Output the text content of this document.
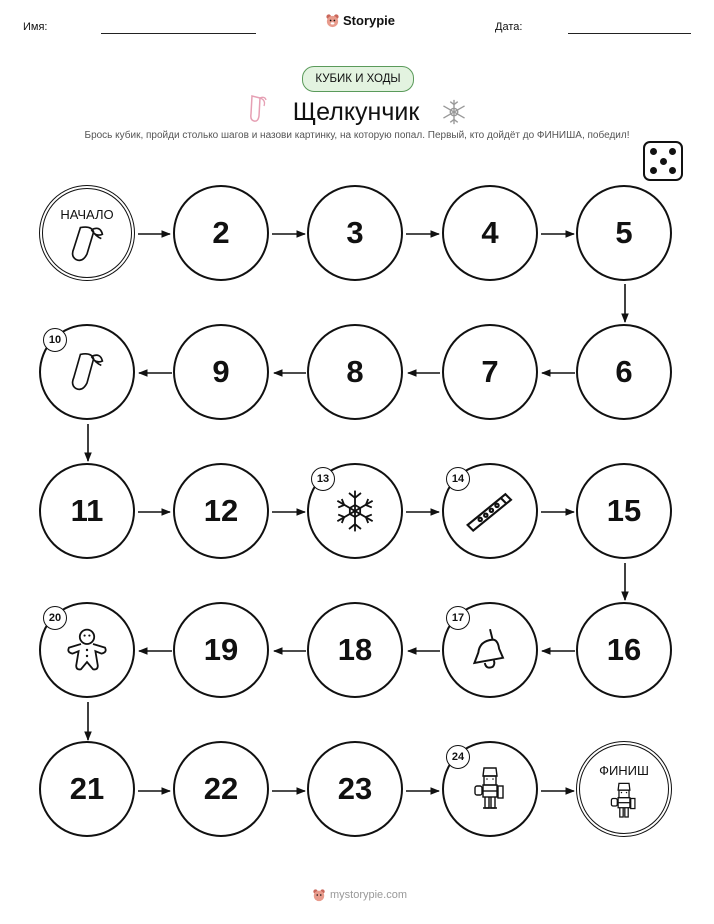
Имя:	Storypie	Дата:
КУБИК И ХОДЫ
Щелкунчик
Брось кубик, пройди столько шагов и назови картинку, на которую попал. Первый, кто дойдёт до ФИНИША, победил!
НАЧАЛО
2	3	4	5
10
9	8	7	6
11	12
13	14
15
20
19	18
17
16
21	22	23
24
ФИНИШ
mystorypie.com
